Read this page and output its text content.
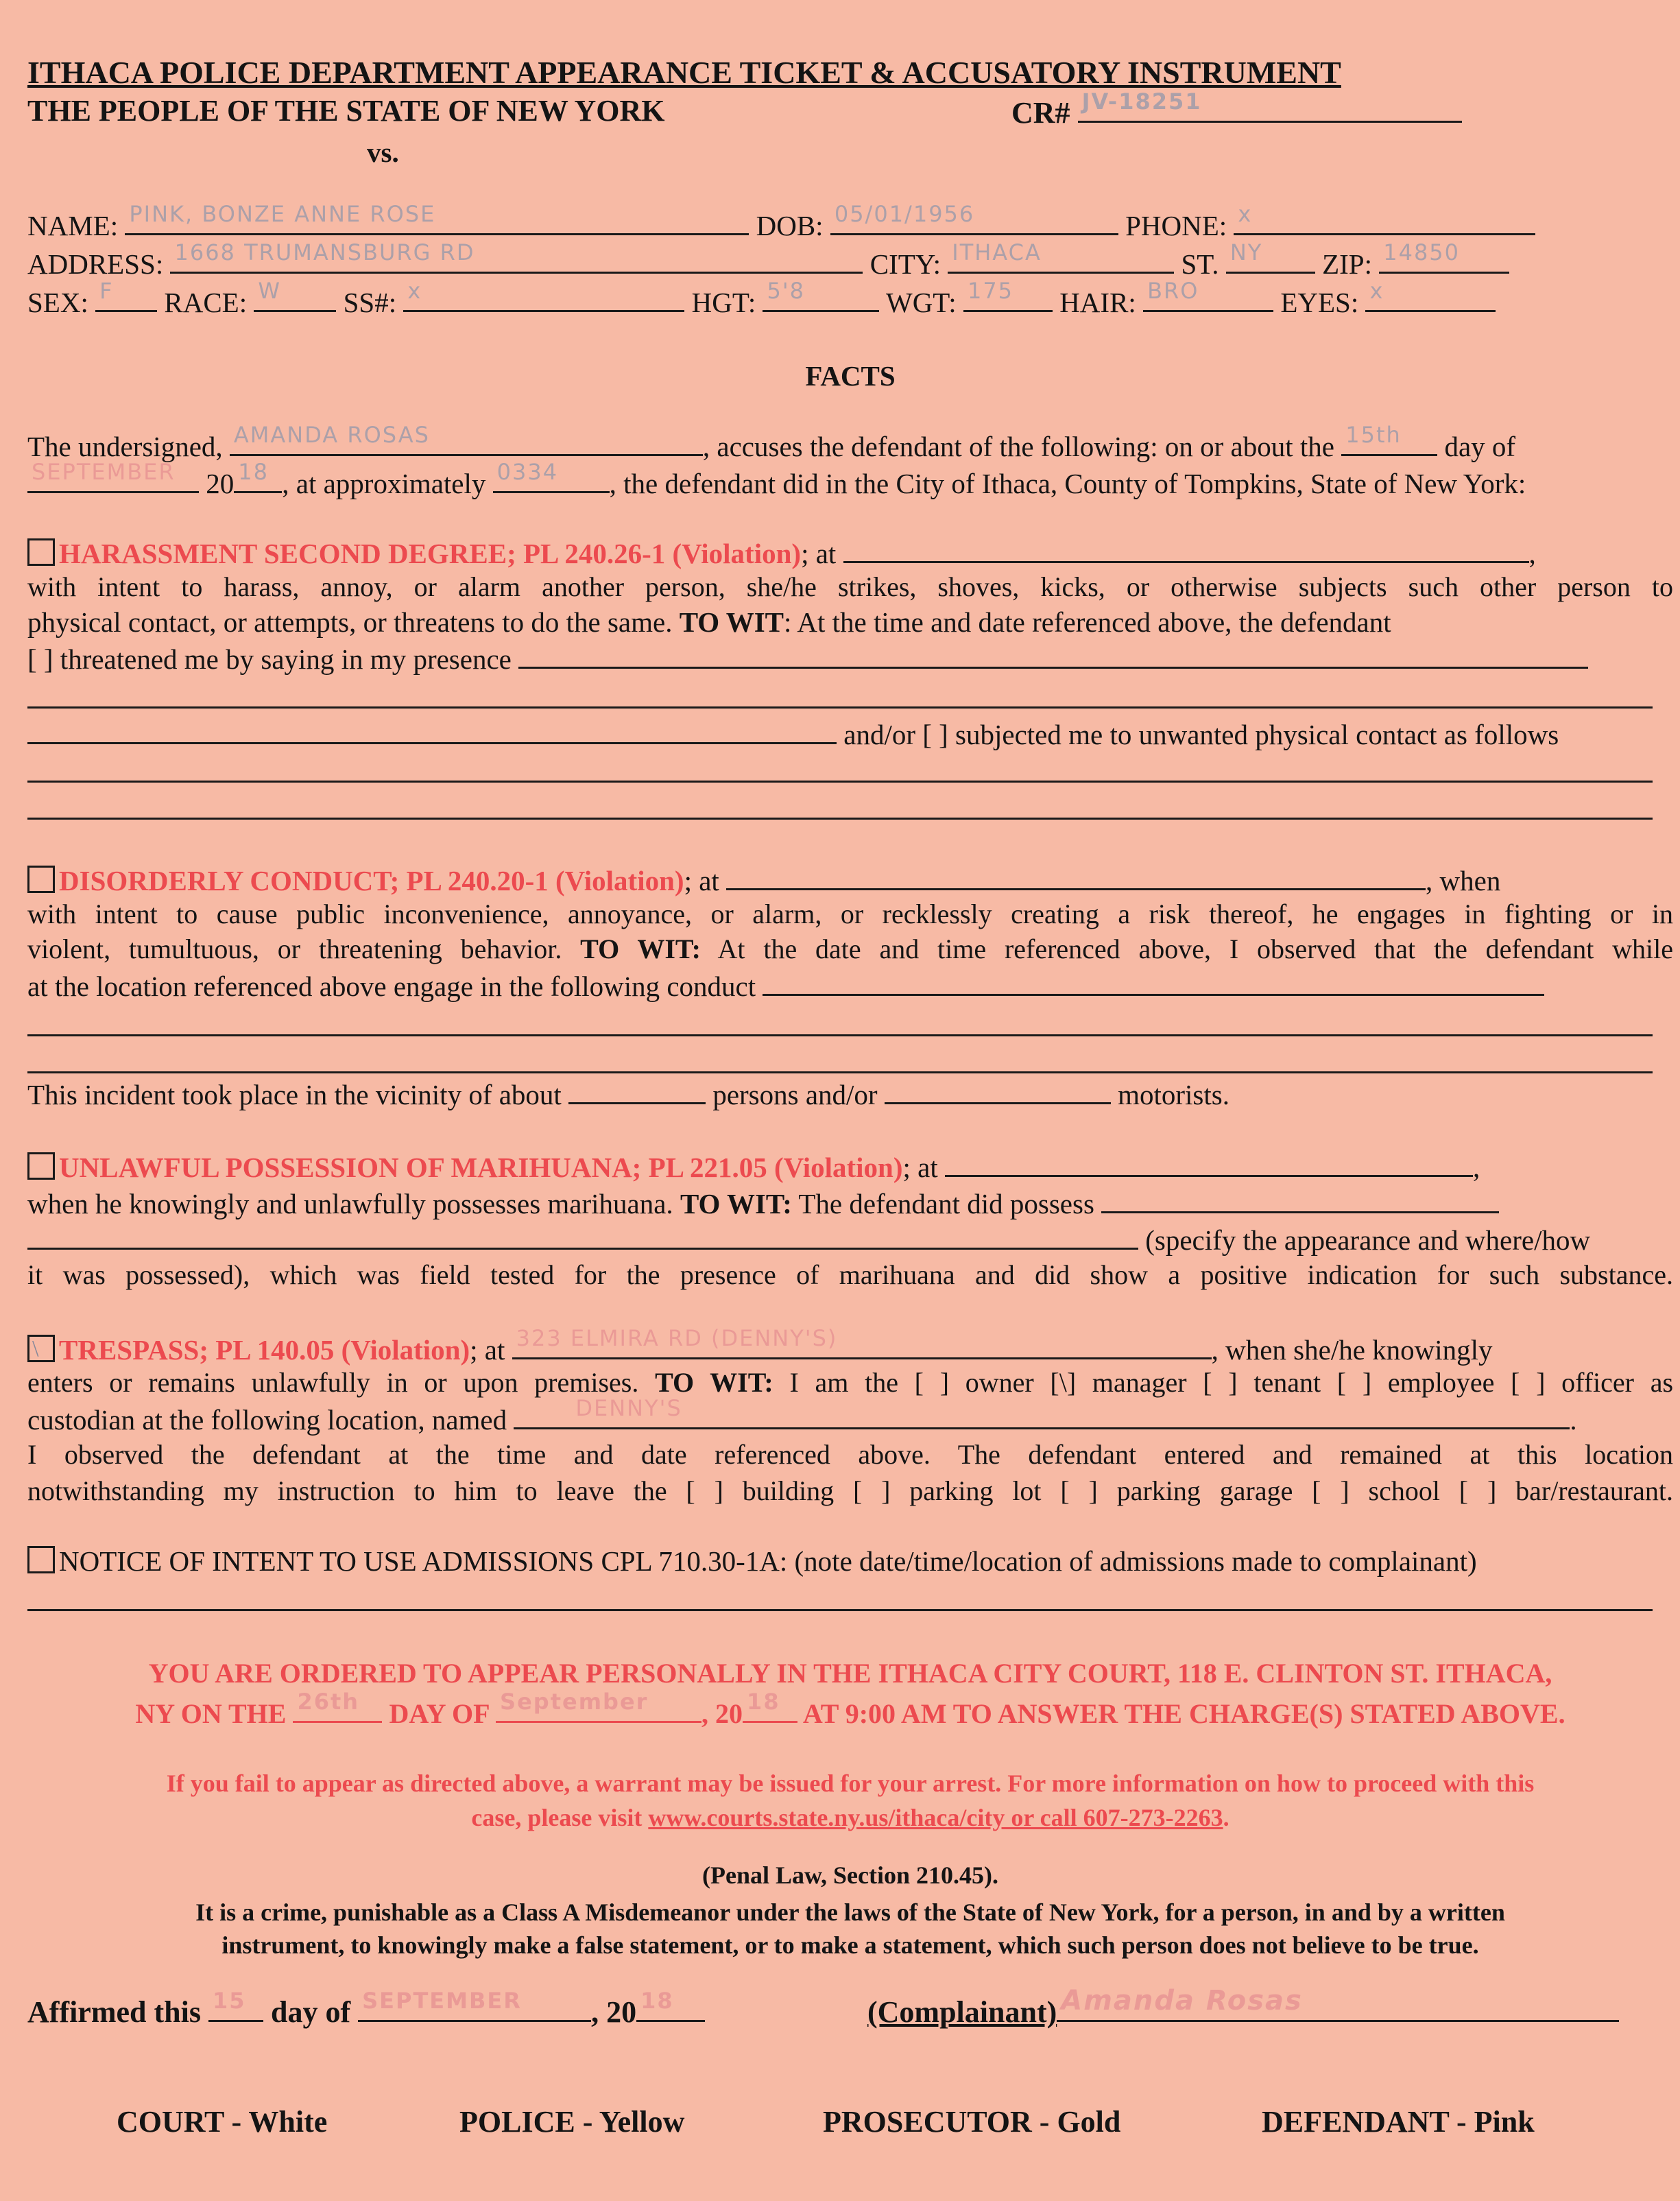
ITHACA POLICE DEPARTMENT APPEARANCE TICKET & ACCUSATORY INSTRUMENT
THE PEOPLE OF THE STATE OF NEW YORK	CR# JV-18251
vs.
NAME: PINK, BONZE ANNE ROSE	DOB: 05/01/1956	PHONE: x
ADDRESS: 1668 TRUMANSBURG RD	CITY: ITHACA	ST. NY ZIP: 14850
SEX: F RACE: W SS#: x	HGT: 5'8	WGT: 175 HAIR: BRO	EYES: x
FACTS
The undersigned, AMANDA ROSAS	, accuses the defendant of the following: on or about the 15th day of
SEPTEMBER 20 18 , at approximately 0334 , the defendant did in the City of Ithaca, County of Tompkins, State of New York:
HARASSMENT SECOND DEGREE; PL 240.26-1 (Violation); at	,
with intent to harass, annoy, or alarm another person, she/he strikes, shoves, kicks, or otherwise subjects such other person to
physical contact, or attempts, or threatens to do the same. TO WIT: At the time and date referenced above, the defendant
[ ] threatened me by saying in my presence
and/or [ ] subjected me to unwanted physical contact as follows
DISORDERLY CONDUCT; PL 240.20-1 (Violation); at	, when
with intent to cause public inconvenience, annoyance, or alarm, or recklessly creating a risk thereof, he engages in fighting or in
violent, tumultuous, or threatening behavior. TO WIT: At the date and time referenced above, I observed that the defendant while
at the location referenced above engage in the following conduct
This incident took place in the vicinity of about	persons and/or	motorists.
UNLAWFUL POSSESSION OF MARIHUANA; PL 221.05 (Violation); at	,
when he knowingly and unlawfully possesses marihuana. TO WIT: The defendant did possess
(specify the appearance and where/how
it was possessed), which was field tested for the presence of marihuana and did show a positive indication for such substance.
\ TRESPASS; PL 140.05 (Violation); at 323 ELMIRA RD (DENNY'S)	, when she/he knowingly
enters or remains unlawfully in or upon premises. TO WIT: I am the [ ] owner [\] manager [ ] tenant [ ] employee [ ] officer as
custodian at the following location, named	DENNY'S	.
I observed the defendant at the time and date referenced above. The defendant entered and remained at this location
notwithstanding my instruction to him to leave the [ ] building [ ] parking lot [ ] parking garage [ ] school [ ] bar/restaurant.
NOTICE OF INTENT TO USE ADMISSIONS CPL 710.30-1A: (note date/time/location of admissions made to complainant)
YOU ARE ORDERED TO APPEAR PERSONALLY IN THE ITHACA CITY COURT, 118 E. CLINTON ST. ITHACA,
NY ON THE 26th DAY OF September , 20 18 AT 9:00 AM TO ANSWER THE CHARGE(S) STATED ABOVE.
If you fail to appear as directed above, a warrant may be issued for your arrest. For more information on how to proceed with this
case, please visit www.courts.state.ny.us/ithaca/city or call 607-273-2263.
(Penal Law, Section 210.45).
It is a crime, punishable as a Class A Misdemeanor under the laws of the State of New York, for a person, in and by a written
instrument, to knowingly make a false statement, or to make a statement, which such person does not believe to be true.
Affirmed this 15 day of SEPTEMBER , 20 18	(Complainant) Amanda Rosas
COURT - White	POLICE - Yellow	PROSECUTOR - Gold	DEFENDANT - Pink
